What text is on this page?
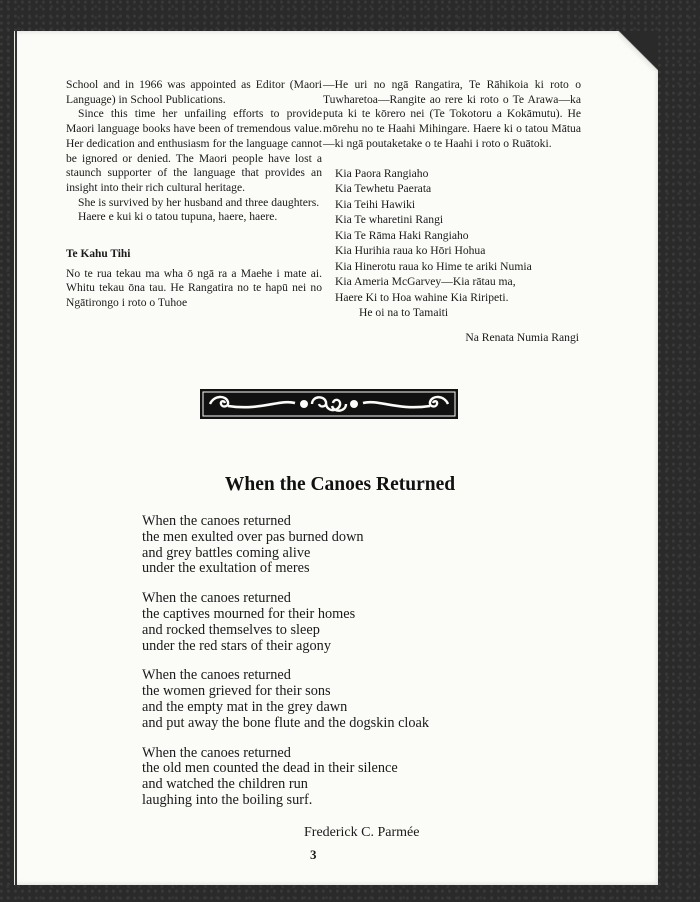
School and in 1966 was appointed as Editor (Maori Language) in School Publications.

Since this time her unfailing efforts to provide Maori language books have been of tremendous value. Her dedication and enthusiasm for the language cannot be ignored or denied. The Maori people have lost a staunch supporter of the language that provides an insight into their rich cultural heritage.

She is survived by her husband and three daughters.

Haere e kui ki o tatou tupuna, haere, haere.

Te Kahu Tihi

No te rua tekau ma wha ō ngā ra a Maehe i mate ai. Whitu tekau ōna tau. He Rangatira no te hapū nei no Ngātirongo i roto o Tuhoe

—He uri no ngā Rangatira, Te Rāhikoia ki roto o Tuwharetoa—Rangite ao rere ki roto o Te Arawa—ka puta ki te kōrero nei (Te Tokotoru a Kokāmutu). He mōrehu no te Haahi Mihingare. Haere ki o tatou Mātua—ki ngā poutaketake o te Haahi i roto o Ruātoki.

Kia Paora Rangiaho
Kia Tewhetu Paerata
Kia Teihi Hawiki
Kia Te wharetini Rangi
Kia Te Rāma Haki Rangiaho
Kia Hurihia raua ko Hōri Hohua
Kia Hinerotu raua ko Hime te ariki Numia
Kia Ameria McGarvey—Kia rātau ma,
Haere Ki to Hoa wahine Kia Riripeti.
He oi na to Tamaiti
Na Renata Numia Rangi
When the Canoes Returned
When the canoes returned
the men exulted over pas burned down
and grey battles coming alive
under the exultation of meres
When the canoes returned
the captives mourned for their homes
and rocked themselves to sleep
under the red stars of their agony
When the canoes returned
the women grieved for their sons
and the empty mat in the grey dawn
and put away the bone flute and the dogskin cloak
When the canoes returned
the old men counted the dead in their silence
and watched the children run
laughing into the boiling surf.
Frederick C. Parmée
3
